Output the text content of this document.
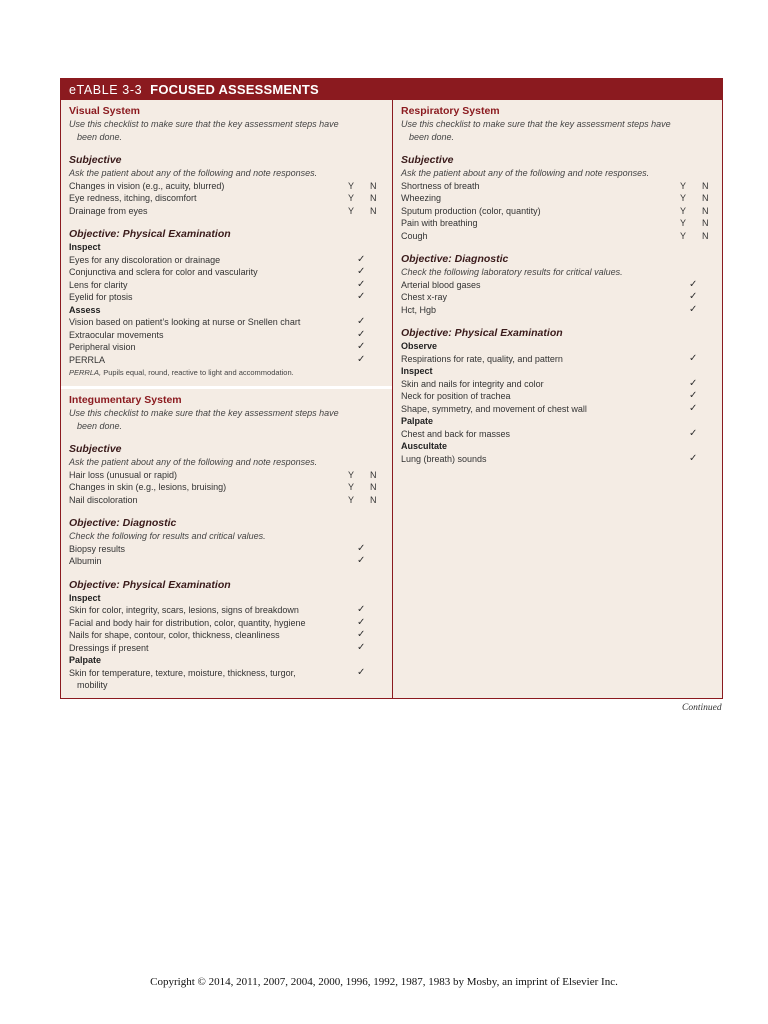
eTABLE 3-3 FOCUSED ASSESSMENTS
Visual System
Use this checklist to make sure that the key assessment steps have
been done.
Subjective
Ask the patient about any of the following and note responses.
Changes in vision (e.g., acuity, blurred)	Y N
Eye redness, itching, discomfort	Y N
Drainage from eyes	Y N
Objective: Physical Examination
Inspect
Eyes for any discoloration or drainage	✓
Conjunctiva and sclera for color and vascularity	✓
Lens for clarity	✓
Eyelid for ptosis	✓
Assess
Vision based on patient’s looking at nurse or Snellen chart	✓
Extraocular movements	✓
Peripheral vision	✓
PERRLA	✓
PERRLA, Pupils equal, round, reactive to light and accommodation.
Integumentary System
Use this checklist to make sure that the key assessment steps have
been done.
Subjective
Ask the patient about any of the following and note responses.
Hair loss (unusual or rapid)	Y N
Changes in skin (e.g., lesions, bruising)	Y N
Nail discoloration	Y N
Objective: Diagnostic
Check the following for results and critical values.
Biopsy results	✓
Albumin	✓
Objective: Physical Examination
Inspect
Skin for color, integrity, scars, lesions, signs of breakdown	✓
Facial and body hair for distribution, color, quantity, hygiene	✓
Nails for shape, contour, color, thickness, cleanliness	✓
Dressings if present	✓
Palpate
Skin for temperature, texture, moisture, thickness, turgor,	✓
mobility
Respiratory System
Use this checklist to make sure that the key assessment steps have
been done.
Subjective
Ask the patient about any of the following and note responses.
Shortness of breath	Y N
Wheezing	Y N
Sputum production (color, quantity)	Y N
Pain with breathing	Y N
Cough	Y N
Objective: Diagnostic
Check the following laboratory results for critical values.
Arterial blood gases	✓
Chest x-ray	✓
Hct, Hgb	✓
Objective: Physical Examination
Observe
Respirations for rate, quality, and pattern	✓
Inspect
Skin and nails for integrity and color	✓
Neck for position of trachea	✓
Shape, symmetry, and movement of chest wall	✓
Palpate
Chest and back for masses	✓
Auscultate
Lung (breath) sounds	✓
Continued
Copyright © 2014, 2011, 2007, 2004, 2000, 1996, 1992, 1987, 1983 by Mosby, an imprint of Elsevier Inc.
